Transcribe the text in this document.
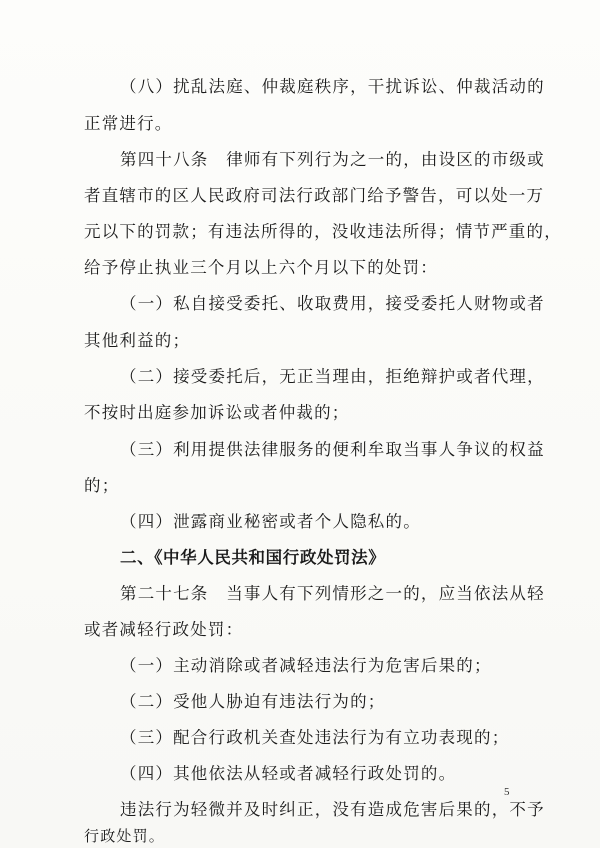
（八）扰乱法庭、仲裁庭秩序，干扰诉讼、仲裁活动的
正常进行。
第四十八条　律师有下列行为之一的，由设区的市级或
者直辖市的区人民政府司法行政部门给予警告，可以处一万
元以下的罚款；有违法所得的，没收违法所得；情节严重的，
给予停止执业三个月以上六个月以下的处罚：
（一）私自接受委托、收取费用，接受委托人财物或者
其他利益的；
（二）接受委托后，无正当理由，拒绝辩护或者代理，
不按时出庭参加诉讼或者仲裁的；
（三）利用提供法律服务的便利牟取当事人争议的权益
的；
（四）泄露商业秘密或者个人隐私的。
二、《中华人民共和国行政处罚法》
第二十七条　当事人有下列情形之一的，应当依法从轻
或者减轻行政处罚：
（一）主动消除或者减轻违法行为危害后果的；
（二）受他人胁迫有违法行为的；
（三）配合行政机关查处违法行为有立功表现的；
（四）其他依法从轻或者减轻行政处罚的。
违法行为轻微并及时纠正，没有造成危害后果的，不予
行政处罚。
5
